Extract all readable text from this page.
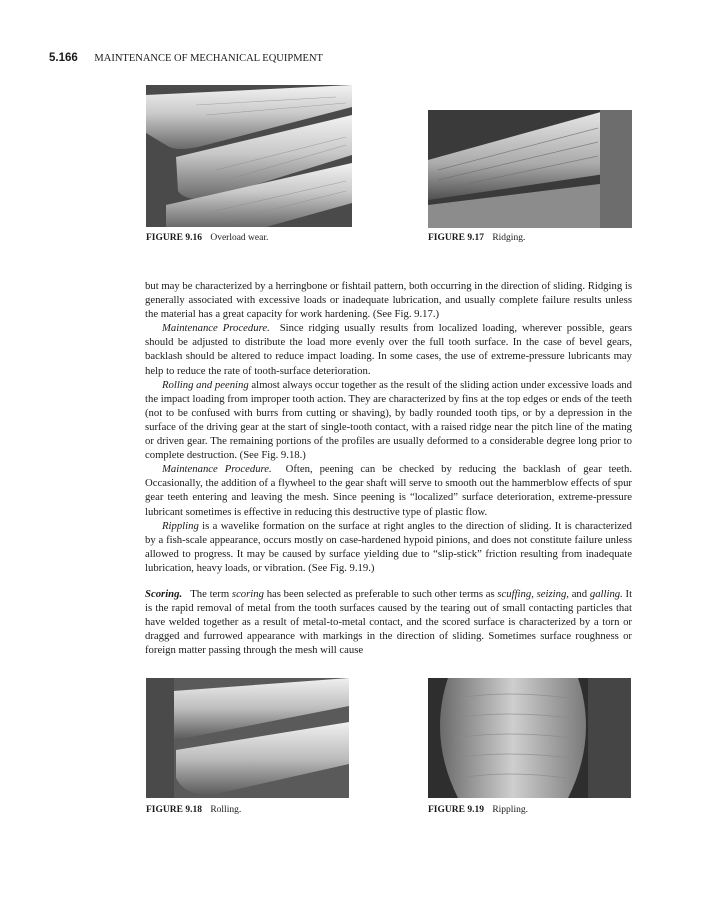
5.166 MAINTENANCE OF MECHANICAL EQUIPMENT
FIGURE 9.16 Overload wear.	FIGURE 9.17 Ridging.

but may be characterized by a herringbone or fishtail pattern, both occurring in the direction of sliding. Ridging is generally associated with excessive loads or inadequate lubrication, and usually complete failure results unless the material has a great capacity for work hardening. (See Fig. 9.17.)

Maintenance Procedure. Since ridging usually results from localized loading, wherever possible, gears should be adjusted to distribute the load more evenly over the full tooth surface. In the case of bevel gears, backlash should be altered to reduce impact loading. In some cases, the use of extreme-pressure lubricants may help to reduce the rate of tooth-surface deterioration.

Rolling and peening almost always occur together as the result of the sliding action under excessive loads and the impact loading from improper tooth action. They are characterized by fins at the top edges or ends of the teeth (not to be confused with burrs from cutting or shaving), by badly rounded tooth tips, or by a depression in the surface of the driving gear at the start of single-tooth contact, with a raised ridge near the pitch line of the mating or driven gear. The remaining portions of the profiles are usually deformed to a considerable degree long prior to complete destruction. (See Fig. 9.18.)

Maintenance Procedure. Often, peening can be checked by reducing the backlash of gear teeth. Occasionally, the addition of a flywheel to the gear shaft will serve to smooth out the hammerblow effects of spur gear teeth entering and leaving the mesh. Since peening is “localized” surface deterioration, extreme-pressure lubricant sometimes is effective in reducing this destructive type of plastic flow.

Rippling is a wavelike formation on the surface at right angles to the direction of sliding. It is characterized by a fish-scale appearance, occurs mostly on case-hardened hypoid pinions, and does not constitute failure unless allowed to progress. It may be caused by surface yielding due to “slip-stick” friction resulting from inadequate lubrication, heavy loads, or vibration. (See Fig. 9.19.)

Scoring. The term scoring has been selected as preferable to such other terms as scuffing, seizing, and galling. It is the rapid removal of metal from the tooth surfaces caused by the tearing out of small contacting particles that have welded together as a result of metal-to-metal contact, and the scored surface is characterized by a torn or dragged and furrowed appearance with markings in the direction of sliding. Sometimes surface roughness or foreign matter passing through the mesh will cause

FIGURE 9.18 Rolling.	FIGURE 9.19 Rippling.
